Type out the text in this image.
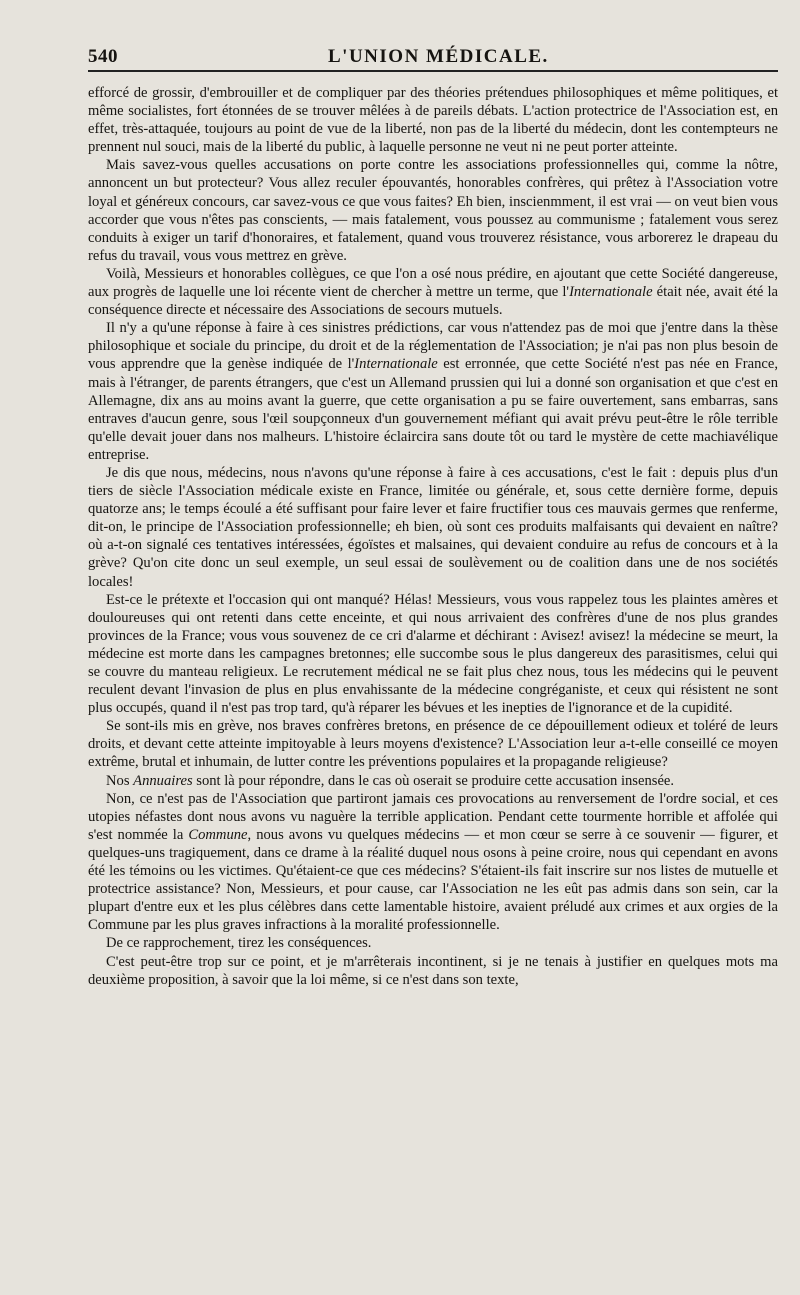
540	L'UNION MÉDICALE.

efforcé de grossir, d'embrouiller et de compliquer par des théories prétendues philosophiques et même politiques, et même socialistes, fort étonnées de se trouver mêlées à de pareils débats. L'action protectrice de l'Association est, en effet, très-attaquée, toujours au point de vue de la liberté, non pas de la liberté du médecin, dont les contempteurs ne prennent nul souci, mais de la liberté du public, à laquelle personne ne veut ni ne peut porter atteinte.

Mais savez-vous quelles accusations on porte contre les associations professionnelles qui, comme la nôtre, annoncent un but protecteur? Vous allez reculer épouvantés, honorables confrères, qui prêtez à l'Association votre loyal et généreux concours, car savez-vous ce que vous faites? Eh bien, inscienmment, il est vrai — on veut bien vous accorder que vous n'êtes pas conscients, — mais fatalement, vous poussez au communisme ; fatalement vous serez conduits à exiger un tarif d'honoraires, et fatalement, quand vous trouverez résistance, vous arborerez le drapeau du refus du travail, vous vous mettrez en grève.

Voilà, Messieurs et honorables collègues, ce que l'on a osé nous prédire, en ajoutant que cette Société dangereuse, aux progrès de laquelle une loi récente vient de chercher à mettre un terme, que l'Internationale était née, avait été la conséquence directe et nécessaire des Associations de secours mutuels.

Il n'y a qu'une réponse à faire à ces sinistres prédictions, car vous n'attendez pas de moi que j'entre dans la thèse philosophique et sociale du principe, du droit et de la réglementation de l'Association; je n'ai pas non plus besoin de vous apprendre que la genèse indiquée de l'Internationale est erronnée, que cette Société n'est pas née en France, mais à l'étranger, de parents étrangers, que c'est un Allemand prussien qui lui a donné son organisation et que c'est en Allemagne, dix ans au moins avant la guerre, que cette organisation a pu se faire ouvertement, sans embarras, sans entraves d'aucun genre, sous l'œil soupçonneux d'un gouvernement méfiant qui avait prévu peut-être le rôle terrible qu'elle devait jouer dans nos malheurs. L'histoire éclaircira sans doute tôt ou tard le mystère de cette machiavélique entreprise.

Je dis que nous, médecins, nous n'avons qu'une réponse à faire à ces accusations, c'est le fait : depuis plus d'un tiers de siècle l'Association médicale existe en France, limitée ou générale, et, sous cette dernière forme, depuis quatorze ans; le temps écoulé a été suffisant pour faire lever et faire fructifier tous ces mauvais germes que renferme, dit-on, le principe de l'Association professionnelle; eh bien, où sont ces produits malfaisants qui devaient en naître? où a-t-on signalé ces tentatives intéressées, égoïstes et malsaines, qui devaient conduire au refus de concours et à la grève? Qu'on cite donc un seul exemple, un seul essai de soulèvement ou de coalition dans une de nos sociétés locales!

Est-ce le prétexte et l'occasion qui ont manqué? Hélas! Messieurs, vous vous rappelez tous les plaintes amères et douloureuses qui ont retenti dans cette enceinte, et qui nous arrivaient des confrères d'une de nos plus grandes provinces de la France; vous vous souvenez de ce cri d'alarme et déchirant : Avisez! avisez! la médecine se meurt, la médecine est morte dans les campagnes bretonnes; elle succombe sous le plus dangereux des parasitismes, celui qui se couvre du manteau religieux. Le recrutement médical ne se fait plus chez nous, tous les médecins qui le peuvent reculent devant l'invasion de plus en plus envahissante de la médecine congréganiste, et ceux qui résistent ne sont plus occupés, quand il n'est pas trop tard, qu'à réparer les bévues et les inepties de l'ignorance et de la cupidité.

Se sont-ils mis en grève, nos braves confrères bretons, en présence de ce dépouillement odieux et toléré de leurs droits, et devant cette atteinte impitoyable à leurs moyens d'existence? L'Association leur a-t-elle conseillé ce moyen extrême, brutal et inhumain, de lutter contre les préventions populaires et la propagande religieuse?

Nos Annuaires sont là pour répondre, dans le cas où oserait se produire cette accusation insensée.

Non, ce n'est pas de l'Association que partiront jamais ces provocations au renversement de l'ordre social, et ces utopies néfastes dont nous avons vu naguère la terrible application. Pendant cette tourmente horrible et affolée qui s'est nommée la Commune, nous avons vu quelques médecins — et mon cœur se serre à ce souvenir — figurer, et quelques-uns tragiquement, dans ce drame à la réalité duquel nous osons à peine croire, nous qui cependant en avons été les témoins ou les victimes. Qu'étaient-ce que ces médecins? S'étaient-ils fait inscrire sur nos listes de mutuelle et protectrice assistance? Non, Messieurs, et pour cause, car l'Association ne les eût pas admis dans son sein, car la plupart d'entre eux et les plus célèbres dans cette lamentable histoire, avaient préludé aux crimes et aux orgies de la Commune par les plus graves infractions à la moralité professionnelle.

De ce rapprochement, tirez les conséquences.

C'est peut-être trop sur ce point, et je m'arrêterais incontinent, si je ne tenais à justifier en quelques mots ma deuxième proposition, à savoir que la loi même, si ce n'est dans son texte,
